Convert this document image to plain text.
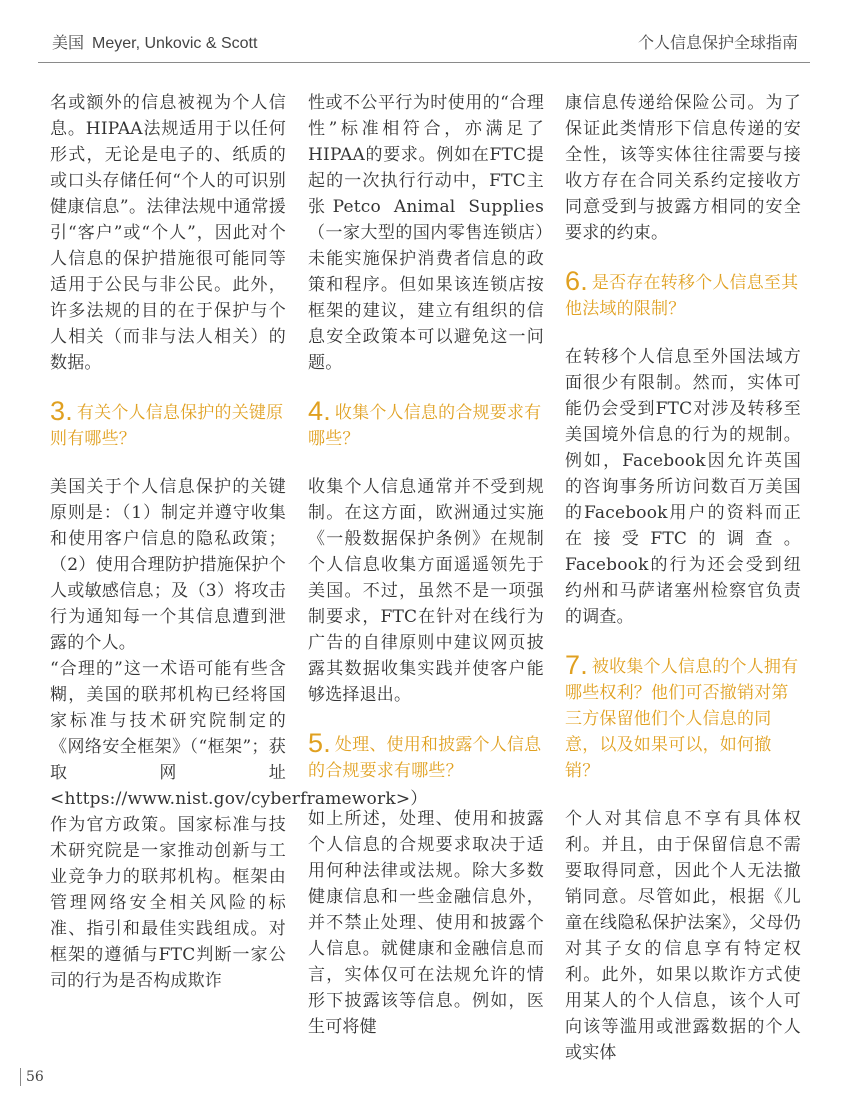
美国 Meyer, Unkovic & Scott	个人信息保护全球指南

名或额外的信息被视为个人信息。HIPAA法规适用于以任何形式，无论是电子的、纸质的或口头存储任何“个人的可识别健康信息”。法律法规中通常援引“客户”或“个人”，因此对个人信息的保护措施很可能同等适用于公民与非公民。此外，许多法规的目的在于保护与个人相关（而非与法人相关）的数据。

3. 有关个人信息保护的关键原则有哪些？

美国关于个人信息保护的关键原则是：（1）制定并遵守收集和使用客户信息的隐私政策；（2）使用合理防护措施保护个人或敏感信息；及（3）将攻击行为通知每一个其信息遭到泄露的个人。

“合理的”这一术语可能有些含糊，美国的联邦机构已经将国家标准与技术研究院制定的《网络安全框架》（“框架”；获取网址 <https://www.nist.gov/cyberframework>）作为官方政策。国家标准与技术研究院是一家推动创新与工业竞争力的联邦机构。框架由管理网络安全相关风险的标准、指引和最佳实践组成。对框架的遵循与FTC判断一家公司的行为是否构成欺诈

性或不公平行为时使用的“合理性”标准相符合，亦满足了HIPAA的要求。例如在FTC提起的一次执行行动中，FTC主张Petco Animal Supplies（一家大型的国内零售连锁店）未能实施保护消费者信息的政策和程序。但如果该连锁店按框架的建议，建立有组织的信息安全政策本可以避免这一问题。

4. 收集个人信息的合规要求有哪些？

收集个人信息通常并不受到规制。在这方面，欧洲通过实施《一般数据保护条例》在规制个人信息收集方面遥遥领先于美国。不过，虽然不是一项强制要求，FTC在针对在线行为广告的自律原则中建议网页披露其数据收集实践并使客户能够选择退出。

5. 处理、使用和披露个人信息的合规要求有哪些？

如上所述，处理、使用和披露个人信息的合规要求取决于适用何种法律或法规。除大多数健康信息和一些金融信息外，并不禁止处理、使用和披露个人信息。就健康和金融信息而言，实体仅可在法规允许的情形下披露该等信息。例如，医生可将健

康信息传递给保险公司。为了保证此类情形下信息传递的安全性，该等实体往往需要与接收方存在合同关系约定接收方同意受到与披露方相同的安全要求的约束。

6. 是否存在转移个人信息至其他法域的限制？

在转移个人信息至外国法域方面很少有限制。然而，实体可能仍会受到FTC对涉及转移至美国境外信息的行为的规制。例如，Facebook因允许英国的咨询事务所访问数百万美国的Facebook用户的资料而正在接受FTC的调查。Facebook的行为还会受到纽约州和马萨诸塞州检察官负责的调查。

7. 被收集个人信息的个人拥有哪些权利？他们可否撤销对第三方保留他们个人信息的同意，以及如果可以，如何撤销？

个人对其信息不享有具体权利。并且，由于保留信息不需要取得同意，因此个人无法撤销同意。尽管如此，根据《儿童在线隐私保护法案》，父母仍对其子女的信息享有特定权利。此外，如果以欺诈方式使用某人的个人信息，该个人可向该等滥用或泄露数据的个人或实体

56
